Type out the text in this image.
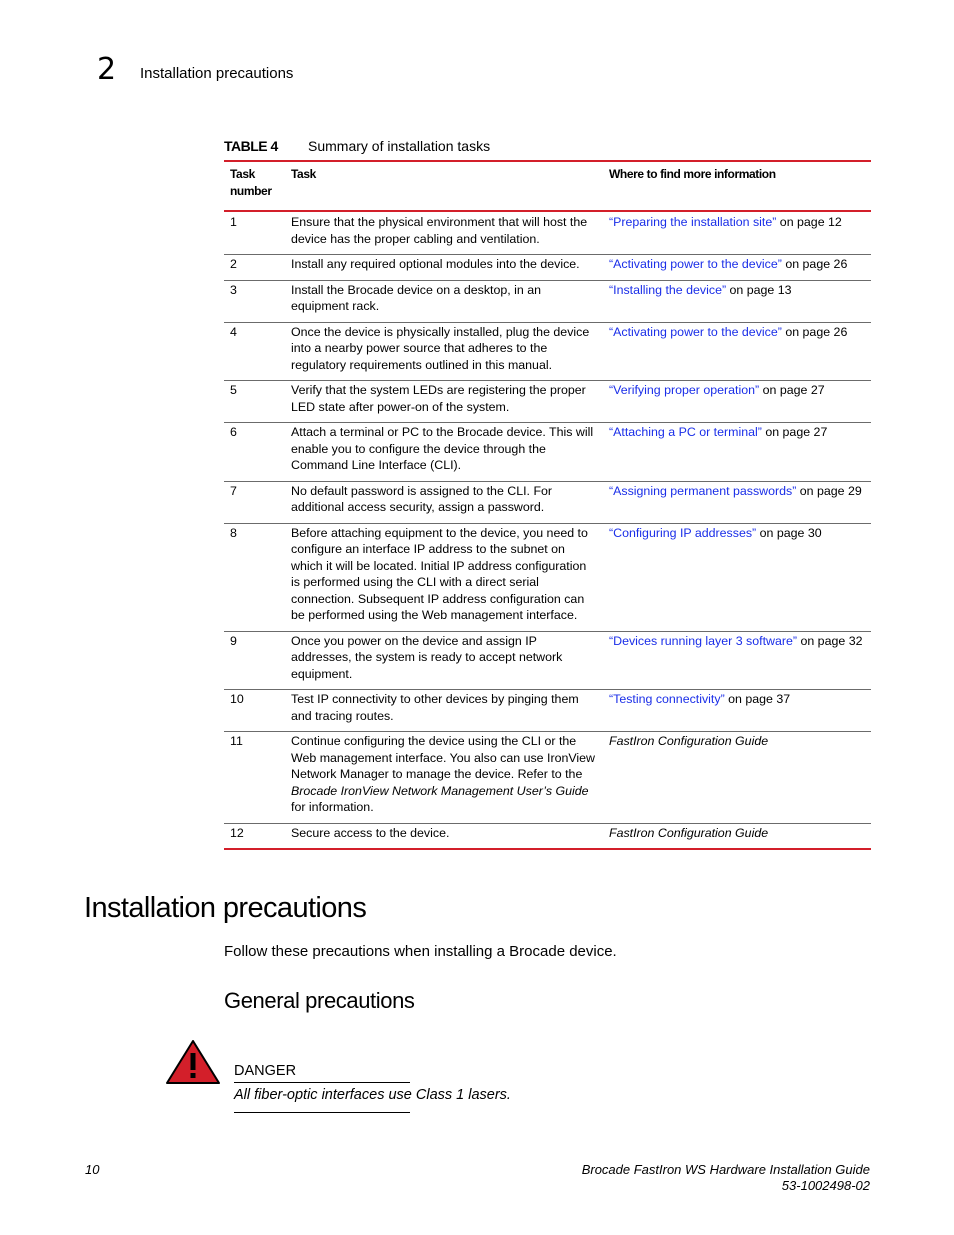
2 Installation precautions
TABLE 4 Summary of installation tasks
Task
number	Task	Where to find more information
1	Ensure that the physical environment that will host the device has the proper cabling and ventilation.	“Preparing the installation site” on page 12
2	Install any required optional modules into the device.	“Activating power to the device” on page 26
3	Install the Brocade device on a desktop, in an equipment rack.	“Installing the device” on page 13
4	Once the device is physically installed, plug the device into a nearby power source that adheres to the regulatory requirements outlined in this manual.	“Activating power to the device” on page 26
5	Verify that the system LEDs are registering the proper LED state after power-on of the system.	“Verifying proper operation” on page 27
6	Attach a terminal or PC to the Brocade device. This will enable you to configure the device through the Command Line Interface (CLI).	“Attaching a PC or terminal” on page 27
7	No default password is assigned to the CLI. For additional access security, assign a password.	“Assigning permanent passwords” on page 29
8	Before attaching equipment to the device, you need to configure an interface IP address to the subnet on which it will be located. Initial IP address configuration is performed using the CLI with a direct serial connection. Subsequent IP address configuration can be performed using the Web management interface.	“Configuring IP addresses” on page 30
9	Once you power on the device and assign IP addresses, the system is ready to accept network equipment.	“Devices running layer 3 software” on page 32
10	Test IP connectivity to other devices by pinging them and tracing routes.	“Testing connectivity” on page 37
11	Continue configuring the device using the CLI or the Web management interface. You also can use IronView Network Manager to manage the device. Refer to the Brocade IronView Network Management User’s Guide for information.	FastIron Configuration Guide
12	Secure access to the device.	FastIron Configuration Guide
Installation precautions
Follow these precautions when installing a Brocade device.
General precautions
DANGER
All fiber-optic interfaces use Class 1 lasers.
10	Brocade FastIron WS Hardware Installation Guide
53-1002498-02
